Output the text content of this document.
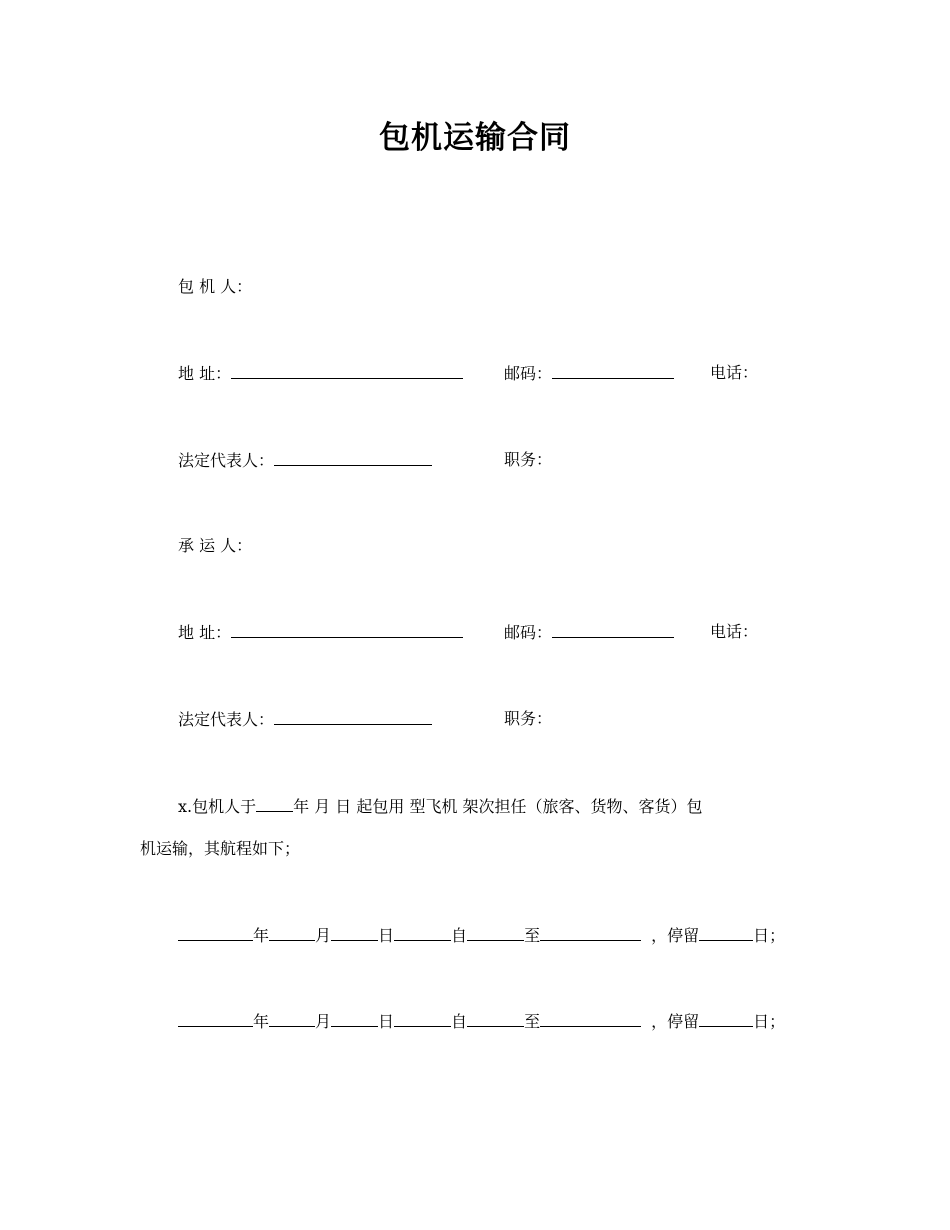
包机运输合同
包 机 人：
地 址：	邮码：	电话：
法定代表人：	职务：
承 运 人：
地 址：	邮码：	电话：
法定代表人：	职务：
x.包机人于 年 月 日 起包用 型飞机 架次担任（旅客、货物、客货）包
机运输，其航程如下；
年	月	日	自	至	，停留	日；
年	月	日	自	至	，停留	日；
